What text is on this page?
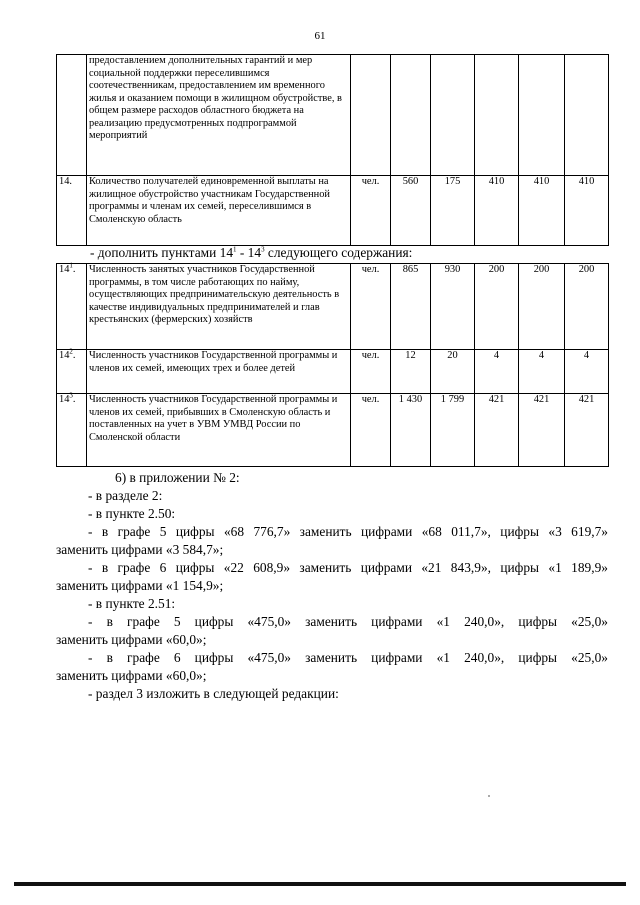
61
	предоставлением дополнительных гарантий и мер социальной поддержки переселившимся соотечественникам, предоставлением им временного жилья и оказанием помощи в жилищном обустройстве, в общем размере расходов областного бюджета на реализацию предусмотренных подпрограммой мероприятий						
14.	Количество получателей единовременной выплаты на жилищное обустройство участникам Государственной программы и членам их семей, переселившимся в Смоленскую область	чел.	560	175	410	410	410
- дополнить пунктами $14^1 - 14^3$ следующего содержания:
$14^1$.	Численность занятых участников Государственной программы, в том числе работающих по найму, осуществляющих предпринимательскую деятельность в качестве индивидуальных предпринимателей и глав крестьянских (фермерских) хозяйств	чел.	865	930	200	200	200
$14^2$.	Численность участников Государственной программы и членов их семей, имеющих трех и более детей	чел.	12	20	4	4	4
$14^3$.	Численность участников Государственной программы и членов их семей, прибывших в Смоленскую область и поставленных на учет в УВМ УМВД России по Смоленской области	чел.	1 430	1 799	421	421	421
6) в приложении № 2:
- в разделе 2:
- в пункте 2.50:
- в графе 5 цифры «68 776,7» заменить цифрами «68 011,7», цифры «3 619,7»
заменить цифрами «3 584,7»;
- в графе 6 цифры «22 608,9» заменить цифрами «21 843,9», цифры «1 189,9»
заменить цифрами «1 154,9»;
- в пункте 2.51:
- в графе 5 цифры «475,0» заменить цифрами «1 240,0», цифры «25,0»
заменить цифрами «60,0»;
- в графе 6 цифры «475,0» заменить цифрами «1 240,0», цифры «25,0»
заменить цифрами «60,0»;
- раздел 3 изложить в следующей редакции:
